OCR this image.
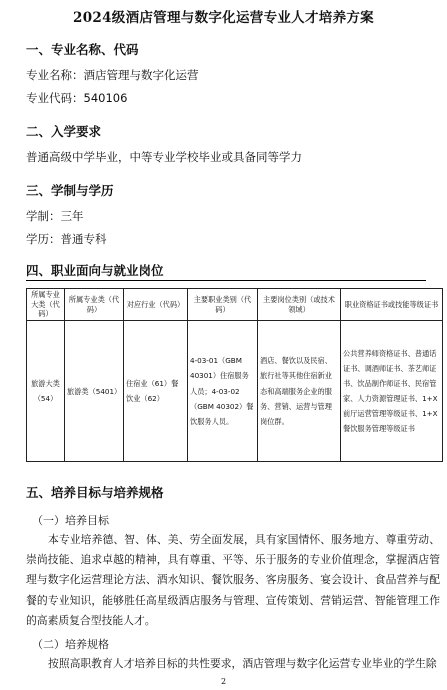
2024级酒店管理与数字化运营专业人才培养方案
一、专业名称、代码
专业名称：酒店管理与数字化运营
专业代码：540106
二、入学要求
普通高级中学毕业，中等专业学校毕业或具备同等学力
三、学制与学历
学制：三年
学历：普通专科
四、职业面向与就业岗位
所属专业大类（代码）	所属专业类（代码）	对应行业（代码）	主要职业类别（代码）	主要岗位类别（或技术领域）	职业资格证书或技能等级证书
旅游大类（54）	旅游类（5401）	住宿业（61）餐饮业（62）	4-03-01（GBM 40301）住宿服务人员；4-03-02（GBM 40302）餐饮服务人员。	酒店、餐饮以及民宿、旅行社等其他住宿新业态和高端服务企业的服务、营销、运营与管理岗位群。	公共营养师资格证书、普通话证书、调酒师证书、茶艺师证书、饮品制作师证书、民宿管家、人力资源管理证书、1+X前厅运营管理等级证书、1+X餐饮服务管理等级证书
五、培养目标与培养规格
（一）培养目标
本专业培养德、智、体、美、劳全面发展，具有家国情怀、服务地方、尊重劳动、崇尚技能、追求卓越的精神，具有尊重、平等、乐于服务的专业价值理念，掌握酒店管理与数字化运营理论方法、酒水知识、餐饮服务、客房服务、宴会设计、食品营养与配餐的专业知识，能够胜任高星级酒店服务与管理、宣传策划、营销运营、智能管理工作的高素质复合型技能人才。
（二）培养规格
按照高职教育人才培养目标的共性要求，酒店管理与数字化运营专业毕业的学生除
2
